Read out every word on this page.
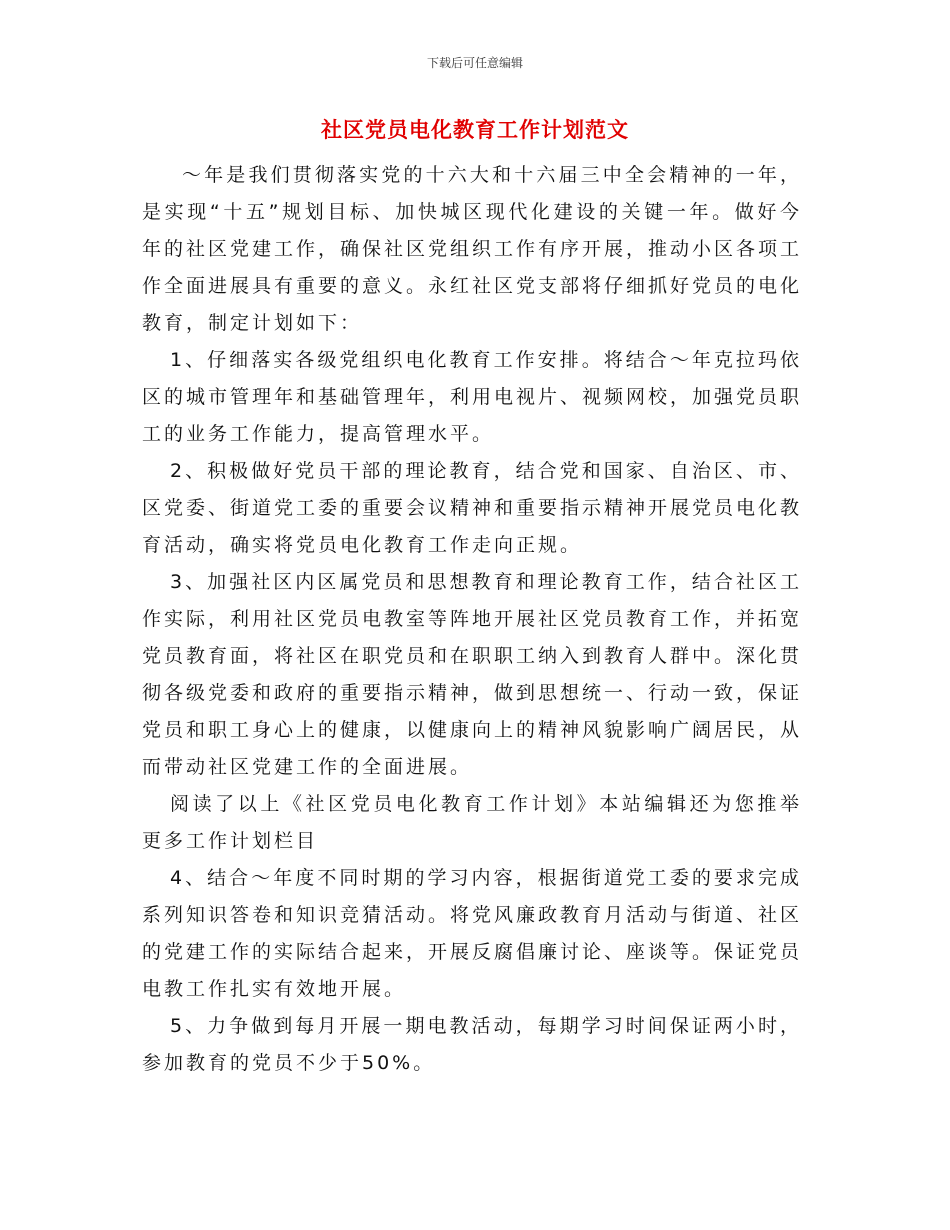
下载后可任意编辑
社区党员电化教育工作计划范文

～年是我们贯彻落实党的十六大和十六届三中全会精神的一年，是实现“十五”规划目标、加快城区现代化建设的关键一年。做好今年的社区党建工作，确保社区党组织工作有序开展，推动小区各项工作全面进展具有重要的意义。永红社区党支部将仔细抓好党员的电化教育，制定计划如下：

1、仔细落实各级党组织电化教育工作安排。将结合～年克拉玛依区的城市管理年和基础管理年，利用电视片、视频网校，加强党员职工的业务工作能力，提高管理水平。

2、积极做好党员干部的理论教育，结合党和国家、自治区、市、区党委、街道党工委的重要会议精神和重要指示精神开展党员电化教育活动，确实将党员电化教育工作走向正规。

3、加强社区内区属党员和思想教育和理论教育工作，结合社区工作实际，利用社区党员电教室等阵地开展社区党员教育工作，并拓宽党员教育面，将社区在职党员和在职职工纳入到教育人群中。深化贯彻各级党委和政府的重要指示精神，做到思想统一、行动一致，保证党员和职工身心上的健康，以健康向上的精神风貌影响广阔居民，从而带动社区党建工作的全面进展。

阅读了以上《社区党员电化教育工作计划》本站编辑还为您推举更多工作计划栏目

4、结合～年度不同时期的学习内容，根据街道党工委的要求完成系列知识答卷和知识竞猜活动。将党风廉政教育月活动与街道、社区的党建工作的实际结合起来，开展反腐倡廉讨论、座谈等。保证党员电教工作扎实有效地开展。

5、力争做到每月开展一期电教活动，每期学习时间保证两小时，参加教育的党员不少于50%。
